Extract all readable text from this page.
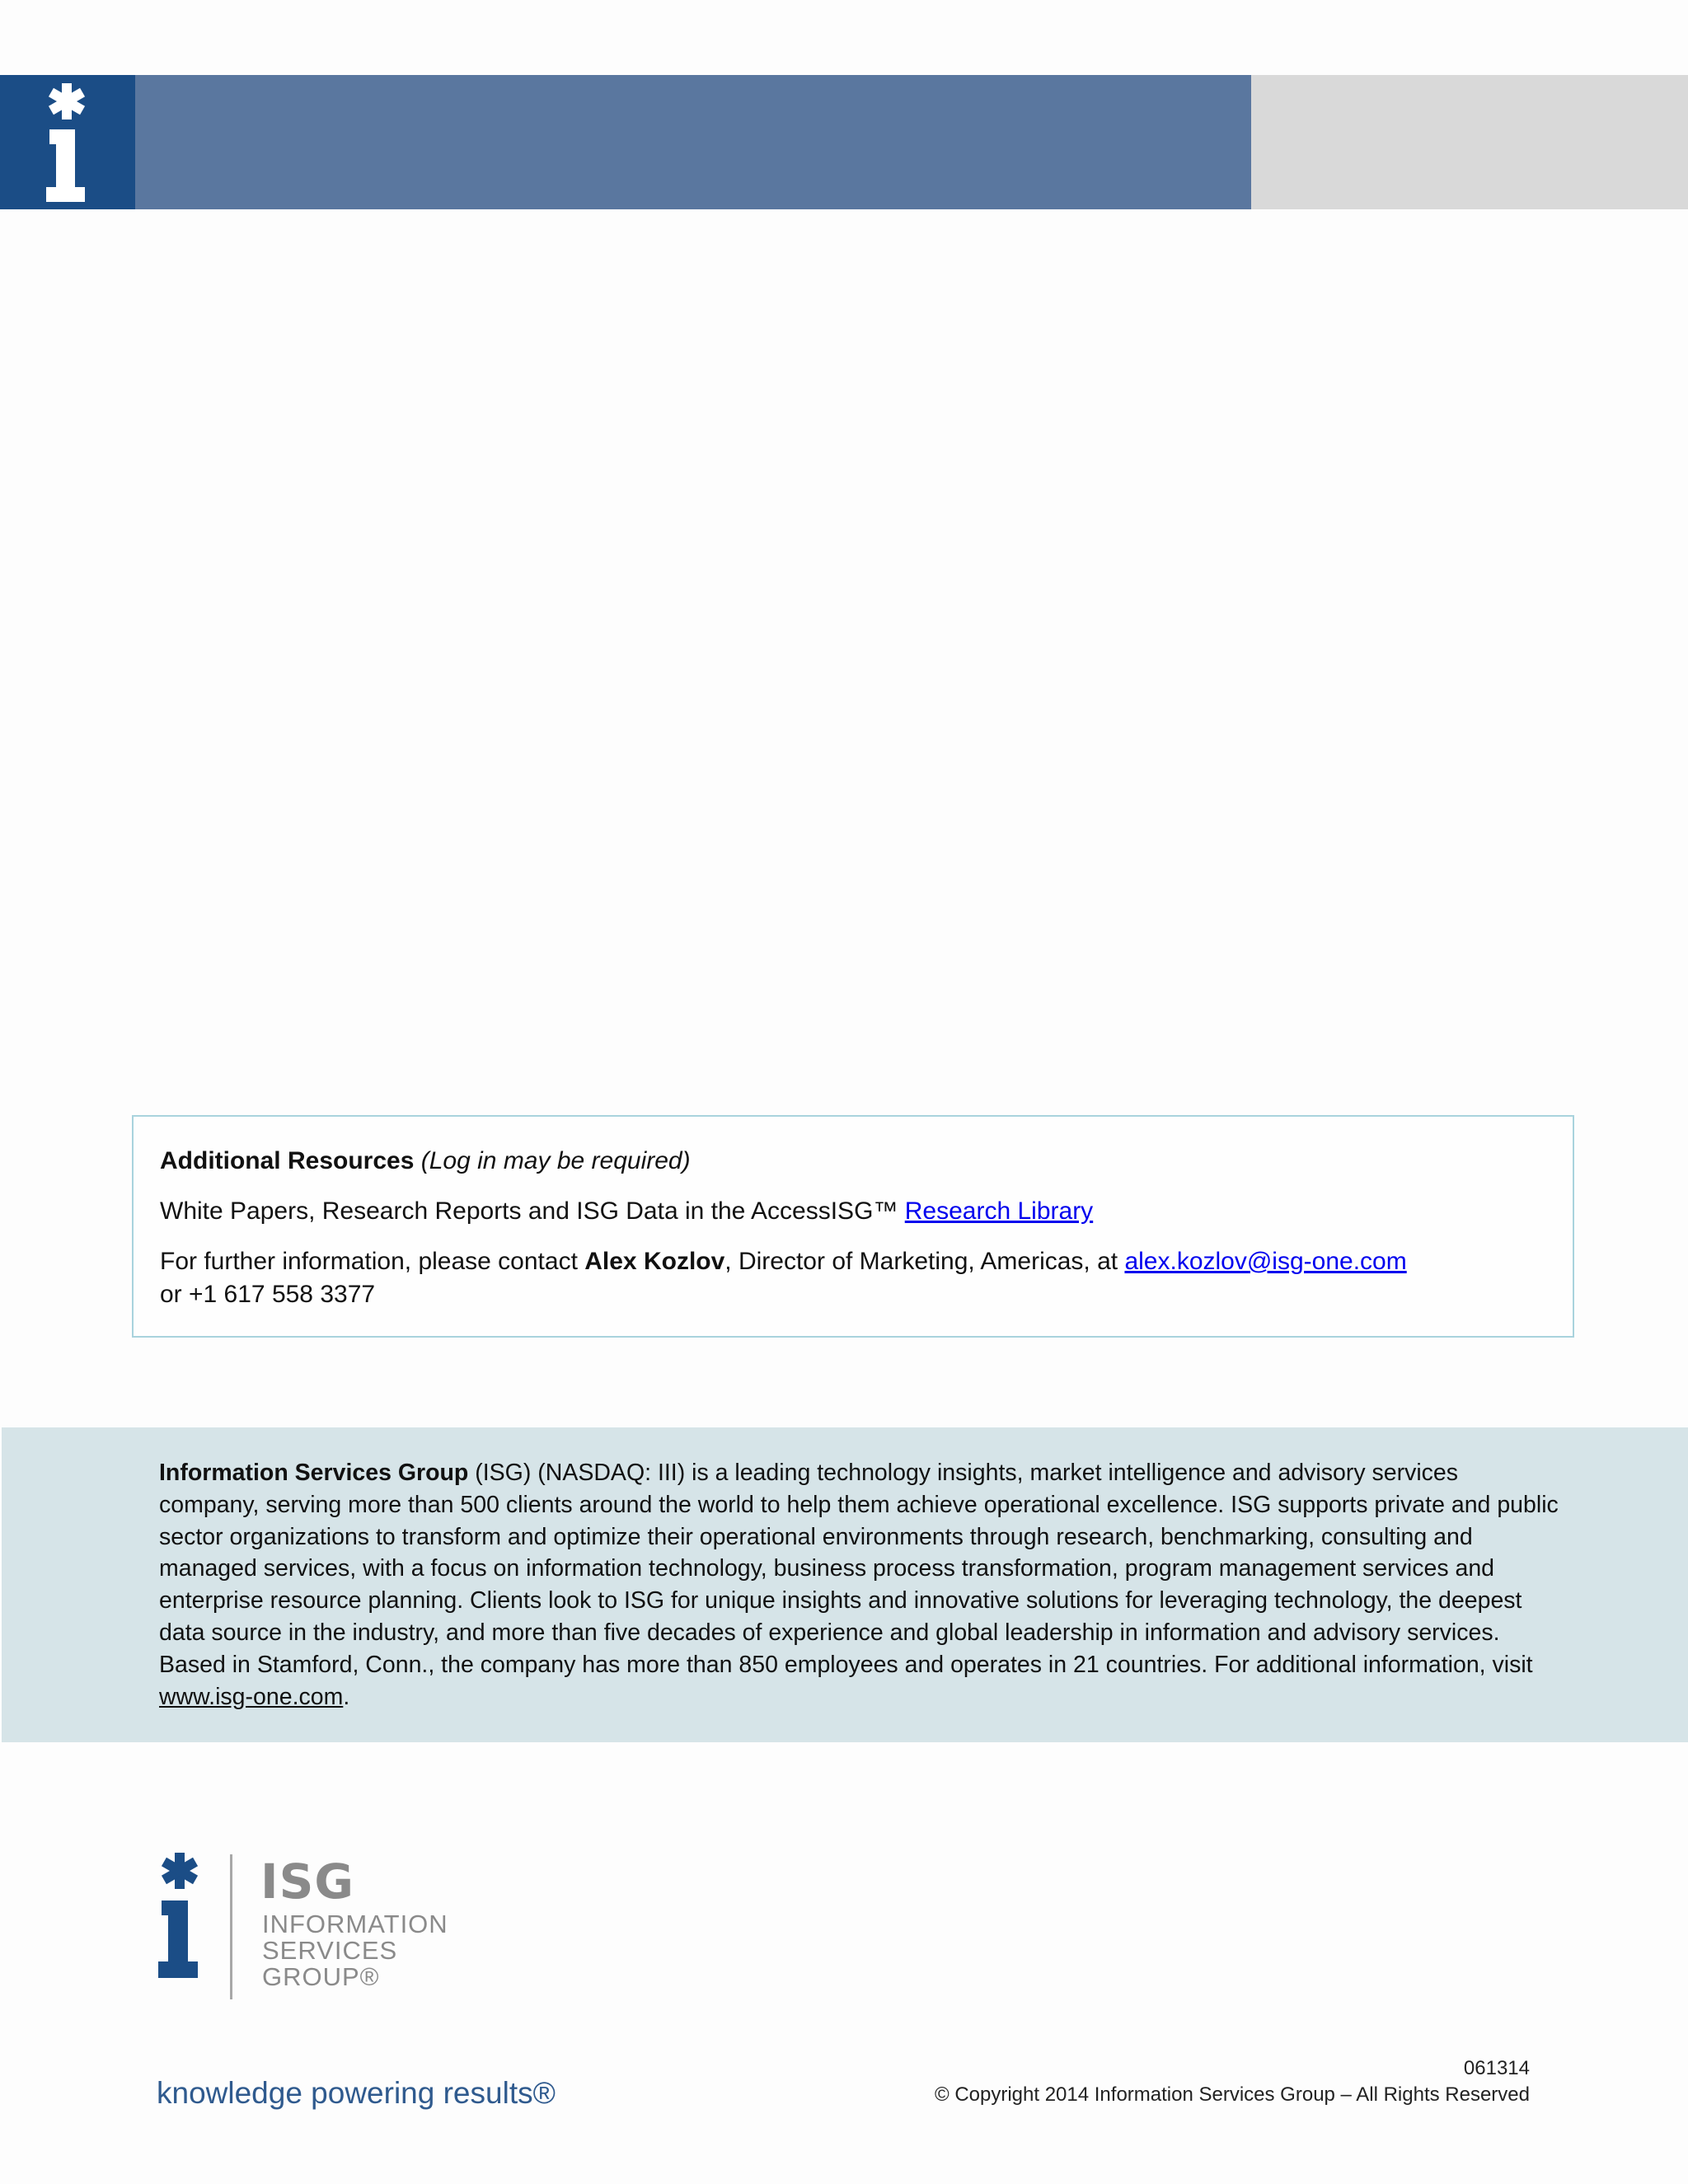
Additional Resources (Log in may be required)
White Papers, Research Reports and ISG Data in the AccessISG™ Research Library
For further information, please contact Alex Kozlov, Director of Marketing, Americas, at alex.kozlov@isg-one.com
or +1 617 558 3377

Information Services Group (ISG) (NASDAQ: III) is a leading technology insights, market intelligence and advisory services company, serving more than 500 clients around the world to help them achieve operational excellence. ISG supports private and public sector organizations to transform and optimize their operational environments through research, benchmarking, consulting and managed services, with a focus on information technology, business process transformation, program management services and enterprise resource planning. Clients look to ISG for unique insights and innovative solutions for leveraging technology, the deepest data source in the industry, and more than five decades of experience and global leadership in information and advisory services. Based in Stamford, Conn., the company has more than 850 employees and operates in 21 countries. For additional information, visit www.isg-one.com.

ISG
INFORMATION
SERVICES
GROUP®
knowledge powering results®
061314
© Copyright 2014 Information Services Group – All Rights Reserved
